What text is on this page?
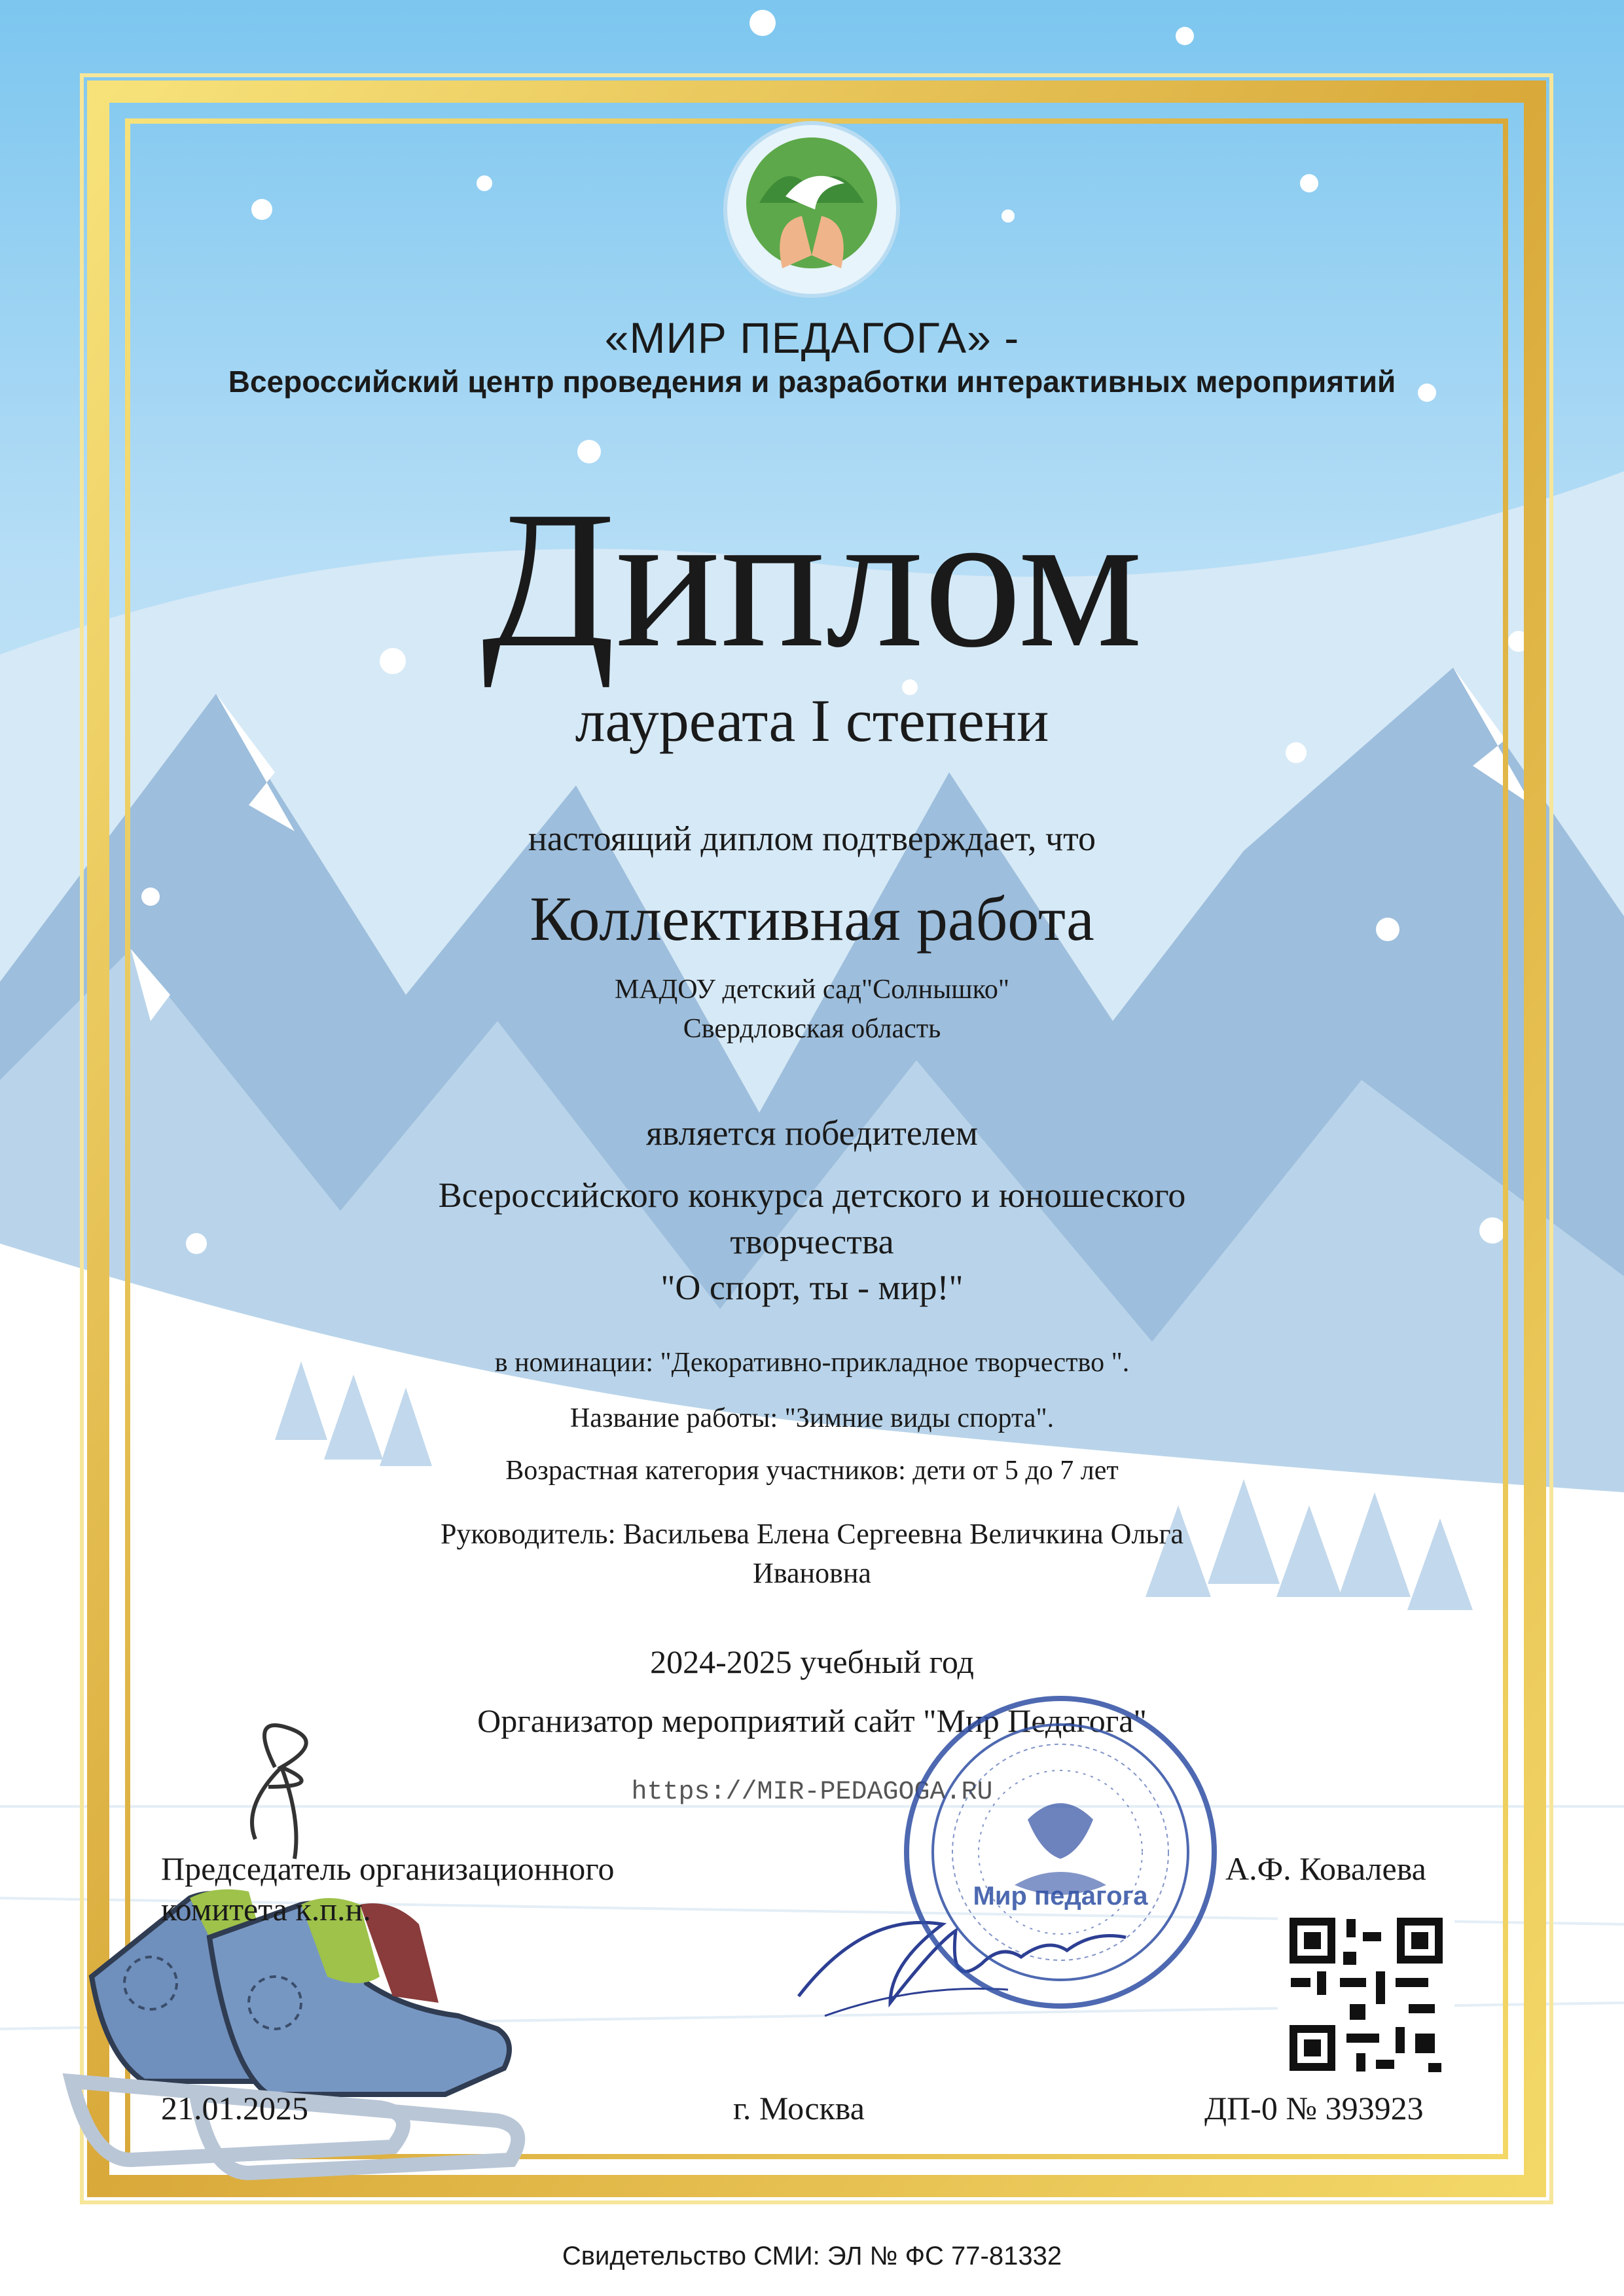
«МИР ПЕДАГОГА» -
Всероссийский центр проведения и разработки интерактивных мероприятий
Диплом
лауреата I степени
настоящий диплом подтверждает, что
Коллективная работа
МАДОУ детский сад"Солнышко"
Свердловская область
является победителем
Всероссийского конкурса детского и юношеского
творчества
"О спорт, ты - мир!"
в номинации: "Декоративно-прикладное творчество ".
Название работы: "Зимние виды спорта".
Возрастная категория участников: дети от 5 до 7 лет
Руководитель: Васильева Елена Сергеевна Величкина Ольга
Ивановна
2024-2025 учебный год
Организатор мероприятий сайт "Мир Педагога"
https://MIR-PEDAGOGA.RU
Председатель организационного
комитета к.п.н.
А.Ф. Ковалева
Мир педагога
21.01.2025	г. Москва	ДП-0 № 393923
Свидетельство СМИ: ЭЛ № ФС 77-81332
